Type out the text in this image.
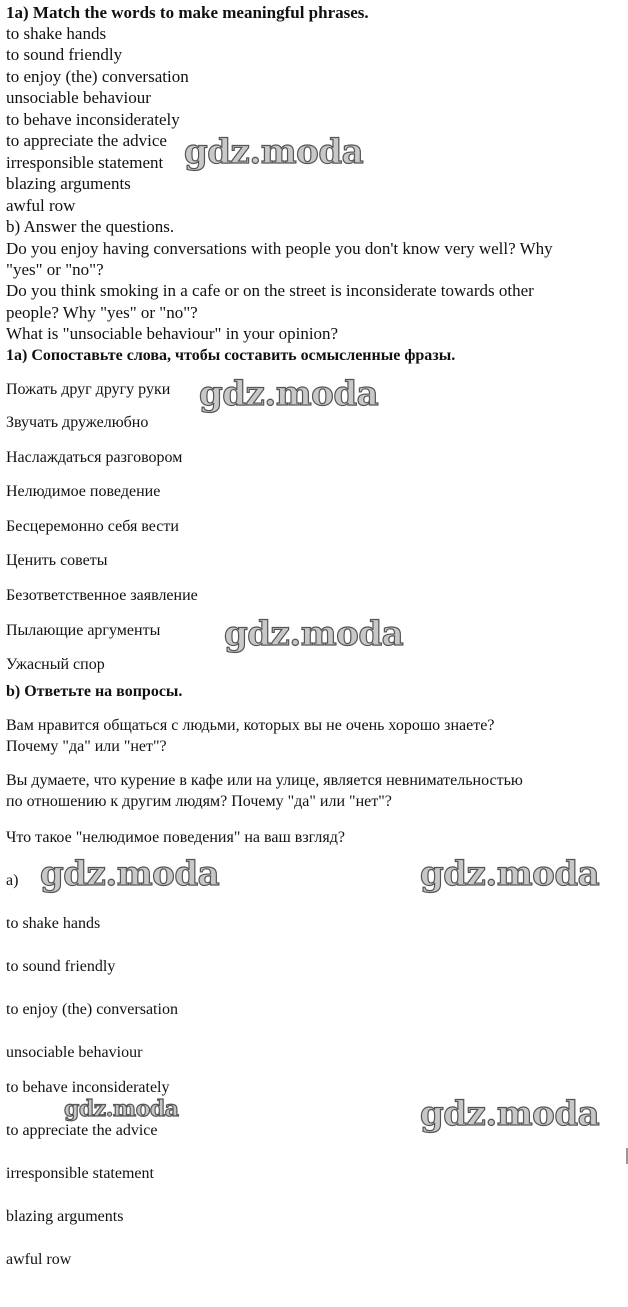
1a) Match the words to make meaningful phrases.
to shake hands
to sound friendly
to enjoy (the) conversation
unsociable behaviour
to behave inconsiderately
to appreciate the advice
irresponsible statement
blazing arguments
awful row
b) Answer the questions.
Do you enjoy having conversations with people you don't know very well? Why
"yes" or "no"?
Do you think smoking in a cafe or on the street is inconsiderate towards other
people? Why "yes" or "no"?
What is "unsociable behaviour" in your opinion?
1a) Сопоставьте слова, чтобы составить осмысленные фразы.
Пожать друг другу руки
Звучать дружелюбно
Наслаждаться разговором
Нелюдимое поведение
Бесцеремонно себя вести
Ценить советы
Безответственное заявление
Пылающие аргументы
Ужасный спор
b) Ответьте на вопросы.
Вам нравится общаться с людьми, которых вы не очень хорошо знаете?
Почему "да" или "нет"?
Вы думаете, что курение в кафе или на улице, является невнимательностью
по отношению к другим людям? Почему "да" или "нет"?
Что такое "нелюдимое поведения" на ваш взгляд?
a)
to shake hands
to sound friendly
to enjoy (the) conversation
unsociable behaviour
to behave inconsiderately
to appreciate the advice
irresponsible statement
blazing arguments
awful row
gdz.moda
gdz.moda
gdz.moda
gdz.moda	gdz.moda
gdz.moda	gdz.moda
